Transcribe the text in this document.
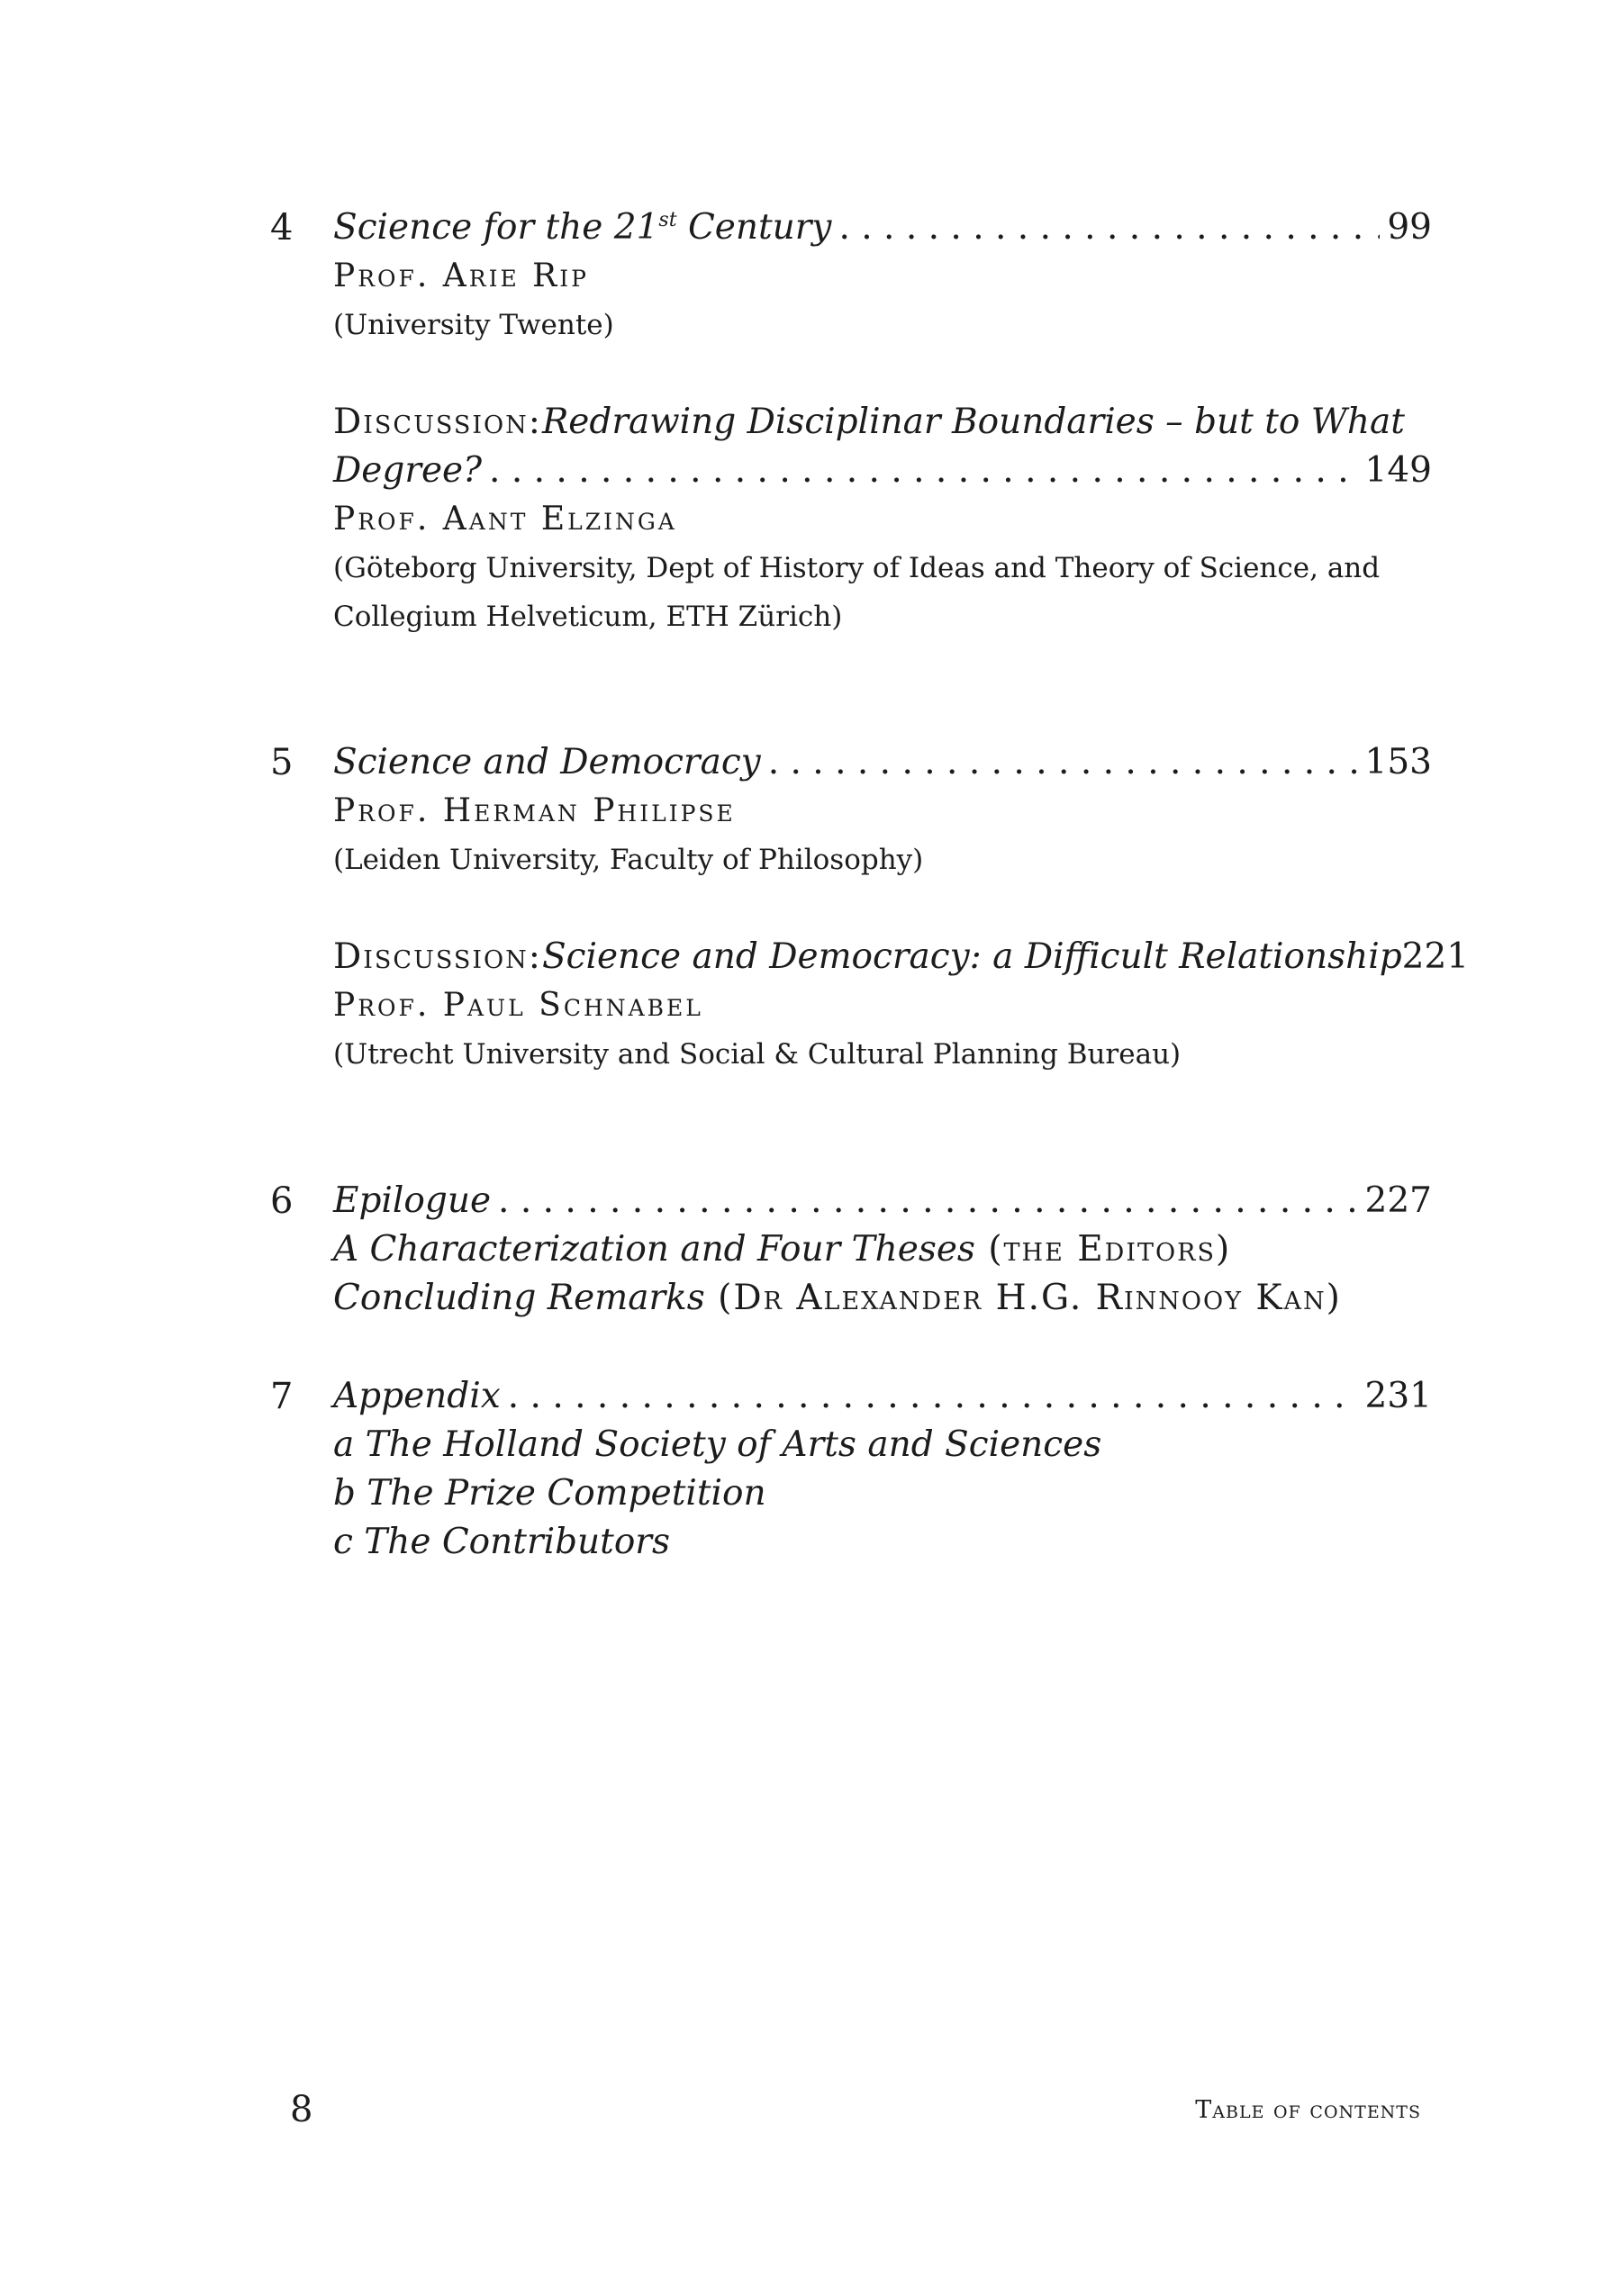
4 Science for the 21st Century . . .	99
Prof. Arie Rip
(University Twente)
Discussion: Redrawing Disciplinar Boundaries – but to What
Degree? . . .	149
Prof. Aant Elzinga
(Göteborg University, Dept of History of Ideas and Theory of Science, and
Collegium Helveticum, ETH Zürich)
5 Science and Democracy . . .	153
Prof. Herman Philipse
(Leiden University, Faculty of Philosophy)
Discussion: Science and Democracy: a Difficult Relationship 221
Prof. Paul Schnabel
(Utrecht University and Social & Cultural Planning Bureau)
6 Epilogue . . .	227
A Characterization and Four Theses (the Editors)
Concluding Remarks (Dr Alexander H.G. Rinnooy Kan)
7 Appendix . . .	231
a The Holland Society of Arts and Sciences
b The Prize Competition
c The Contributors
8	Table of contents
